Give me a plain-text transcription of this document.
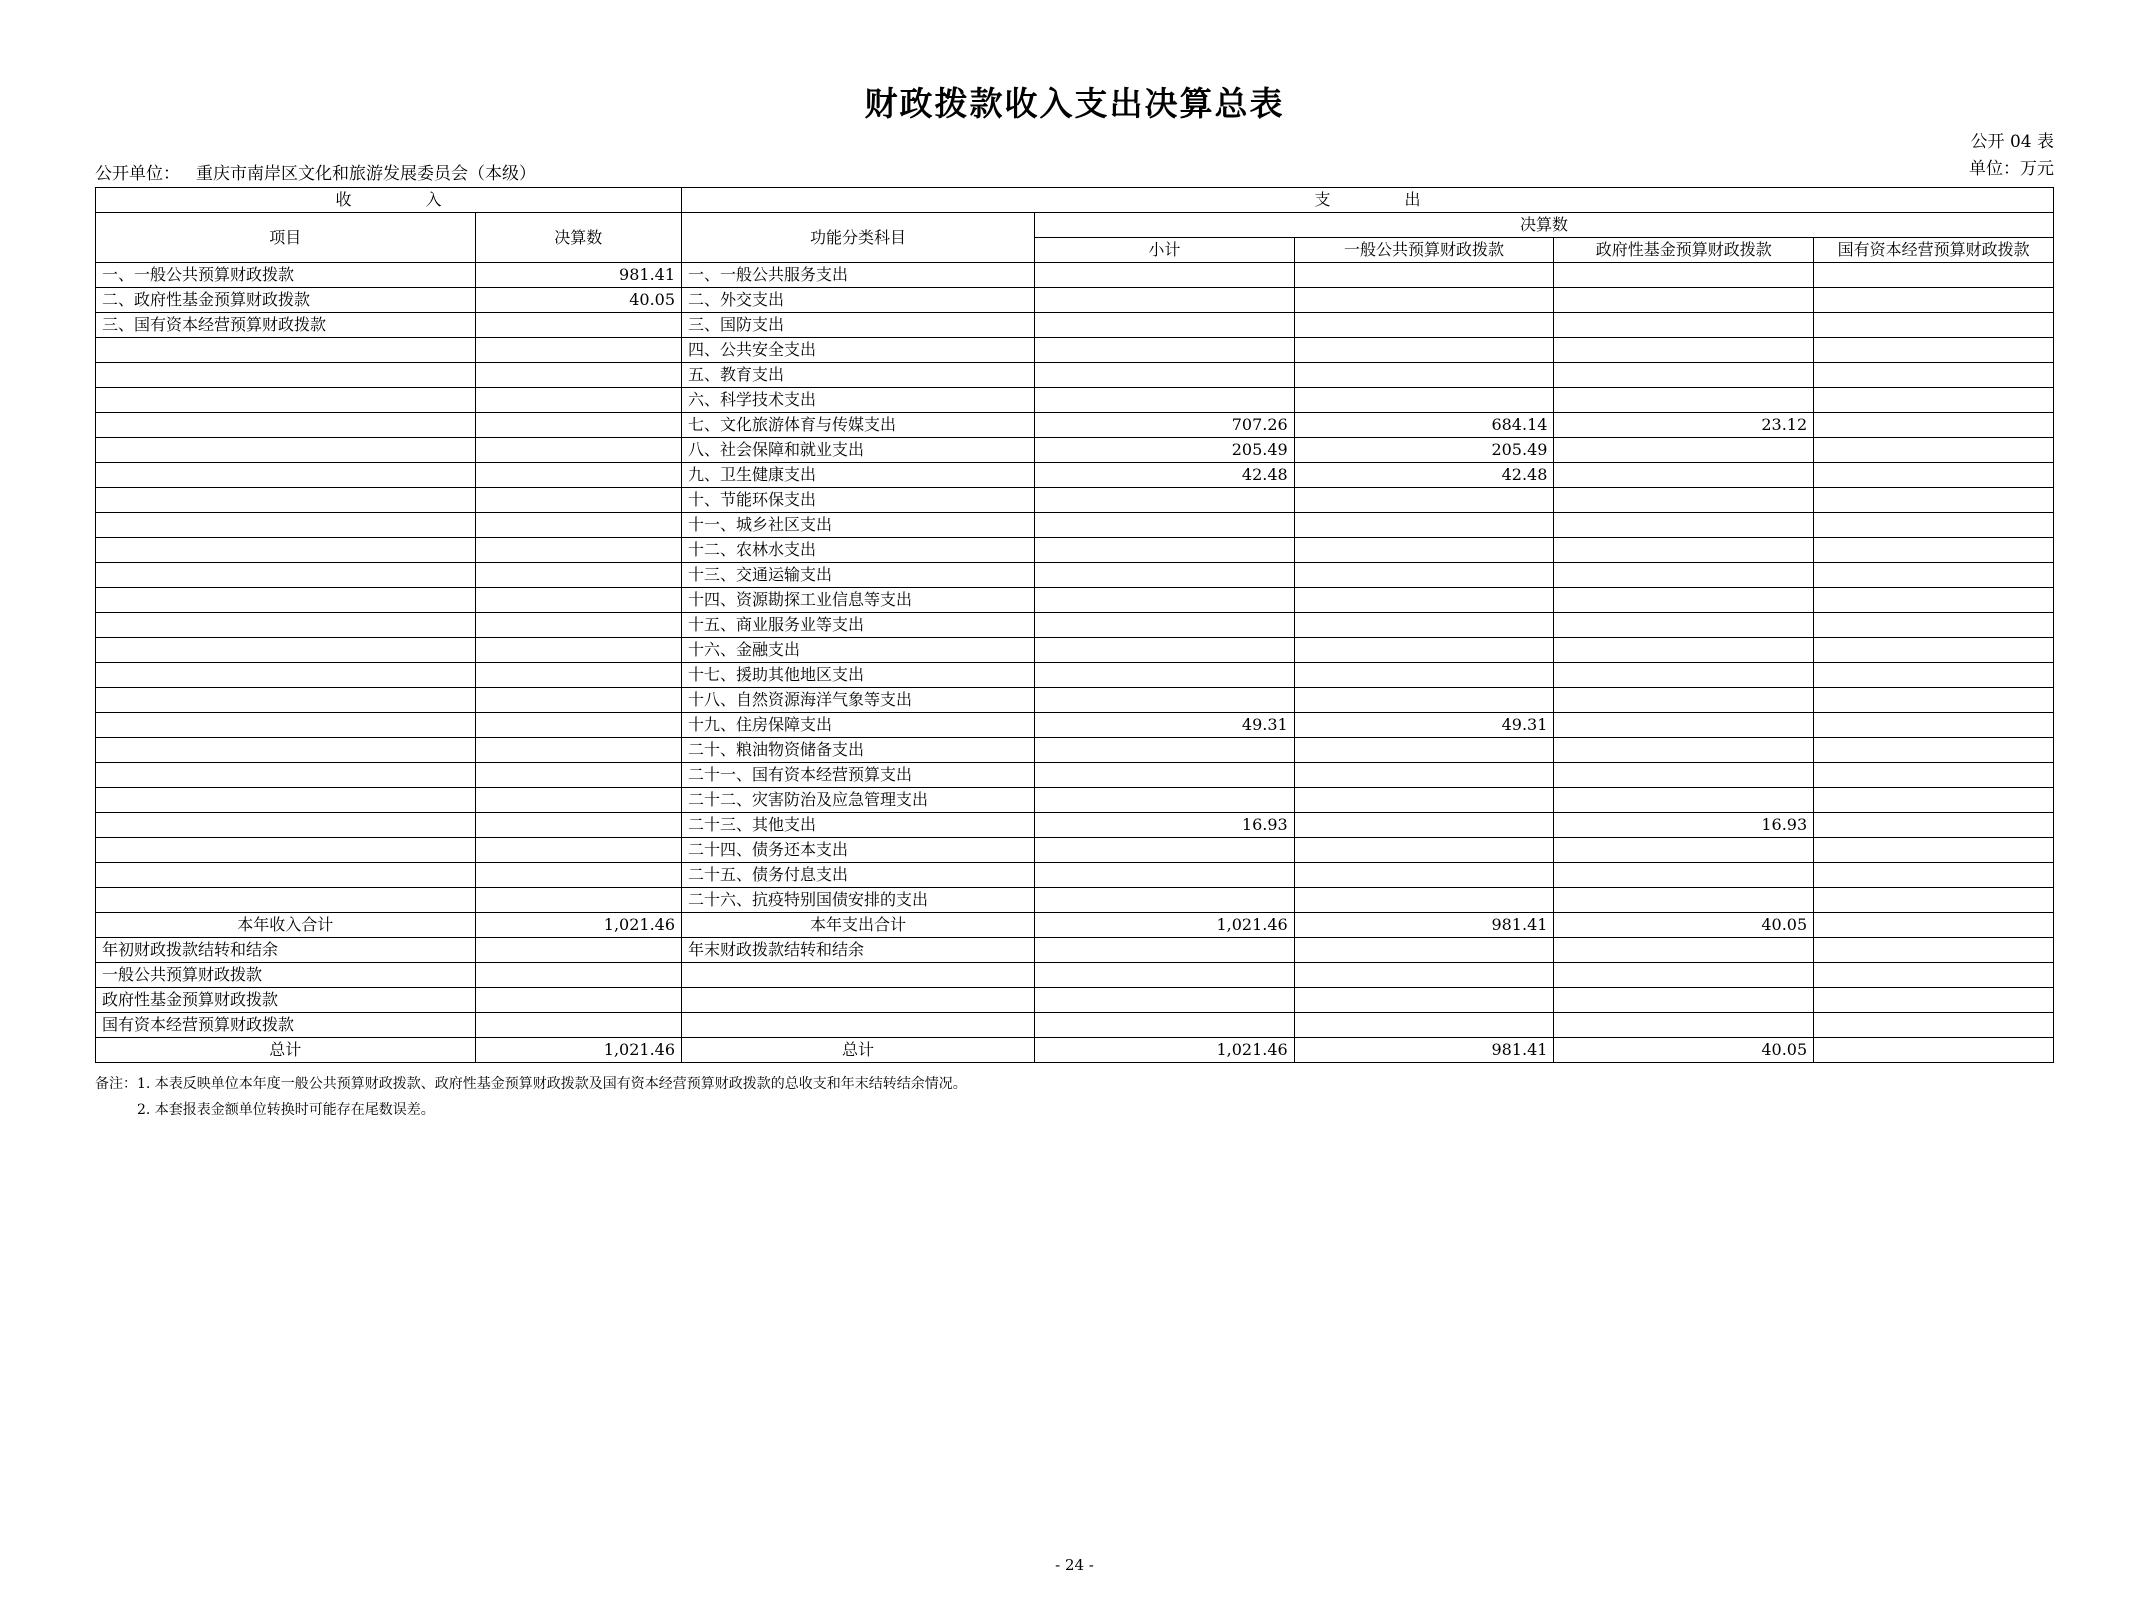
财政拨款收入支出决算总表
公开 04 表
单位：万元
公开单位： 重庆市南岸区文化和旅游发展委员会（本级）
收　　入		支　　出				
项目	决算数	功能分类科目	决算数			
			小计	一般公共预算财政拨款	政府性基金预算财政拨款	国有资本经营预算财政拨款
一、一般公共预算财政拨款	981.41	一、一般公共服务支出				
二、政府性基金预算财政拨款	40.05	二、外交支出				
三、国有资本经营预算财政拨款		三、国防支出				
		四、公共安全支出				
		五、教育支出				
		六、科学技术支出				
		七、文化旅游体育与传媒支出	707.26	684.14	23.12	
		八、社会保障和就业支出	205.49	205.49		
		九、卫生健康支出	42.48	42.48		
		十、节能环保支出				
		十一、城乡社区支出				
		十二、农林水支出				
		十三、交通运输支出				
		十四、资源勘探工业信息等支出				
		十五、商业服务业等支出				
		十六、金融支出				
		十七、援助其他地区支出				
		十八、自然资源海洋气象等支出				
		十九、住房保障支出	49.31	49.31		
		二十、粮油物资储备支出				
		二十一、国有资本经营预算支出				
		二十二、灾害防治及应急管理支出				
		二十三、其他支出	16.93		16.93	
		二十四、债务还本支出				
		二十五、债务付息支出				
		二十六、抗疫特别国债安排的支出				
本年收入合计	1,021.46	本年支出合计	1,021.46	981.41	40.05	
年初财政拨款结转和结余		年末财政拨款结转和结余				
一般公共预算财政拨款						
政府性基金预算财政拨款						
国有资本经营预算财政拨款						
总计	1,021.46	总计	1,021.46	981.41	40.05	
备注：1. 本表反映单位本年度一般公共预算财政拨款、政府性基金预算财政拨款及国有资本经营预算财政拨款的总收支和年末结转结余情况。
2. 本套报表金额单位转换时可能存在尾数误差。
- 24 -
